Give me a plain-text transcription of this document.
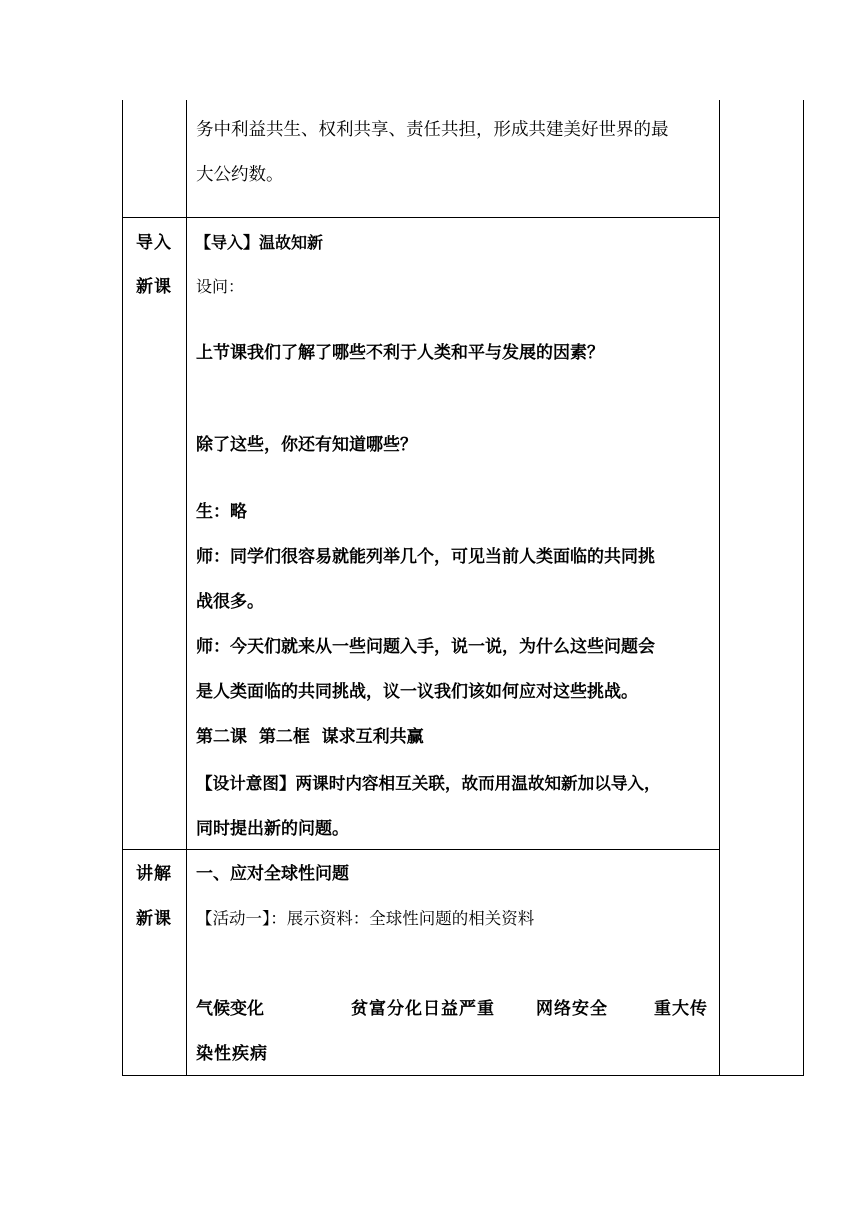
务中利益共生、权利共享、责任共担，形成共建美好世界的最
大公约数。
导入
新课
【导入】温故知新
设问：
上节课我们了解了哪些不利于人类和平与发展的因素？
除了这些，你还有知道哪些？
生：略
师：同学们很容易就能列举几个，可见当前人类面临的共同挑
战很多。
师：今天们就来从一些问题入手，说一说，为什么这些问题会
是人类面临的共同挑战，议一议我们该如何应对这些挑战。
第二课  第二框  谋求互利共赢
【设计意图】两课时内容相互关联，故而用温故知新加以导入，
同时提出新的问题。
讲解
新课
一、应对全球性问题
【活动一】：展示资料：全球性问题的相关资料
气候变化	贫富分化日益严重 网络安全	重大传
染性疾病
